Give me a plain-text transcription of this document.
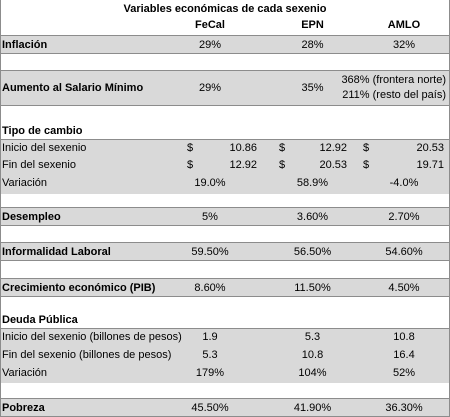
Variables económicas de cada sexenio
FeCal	EPN	AMLO
Inflación	29%	28%	32%
Aumento al Salario Mínimo	29%	35%
368% (frontera norte)
211% (resto del país)
Tipo de cambio
Inicio del sexenio	$	10.86 $	12.92 $	20.53
Fin del sexenio	$	12.92 $	20.53 $	19.71
Variación	19.0%	58.9%	-4.0%
Desempleo	5%	3.60%	2.70%
Informalidad Laboral	59.50%	56.50%	54.60%
Crecimiento económico (PIB)	8.60%	11.50%	4.50%
Deuda Pública
Inicio del sexenio (billones de pesos)	1.9	5.3	10.8
Fin del sexenio (billones de pesos)	5.3	10.8	16.4
Variación	179%	104%	52%
Pobreza	45.50%	41.90%	36.30%
